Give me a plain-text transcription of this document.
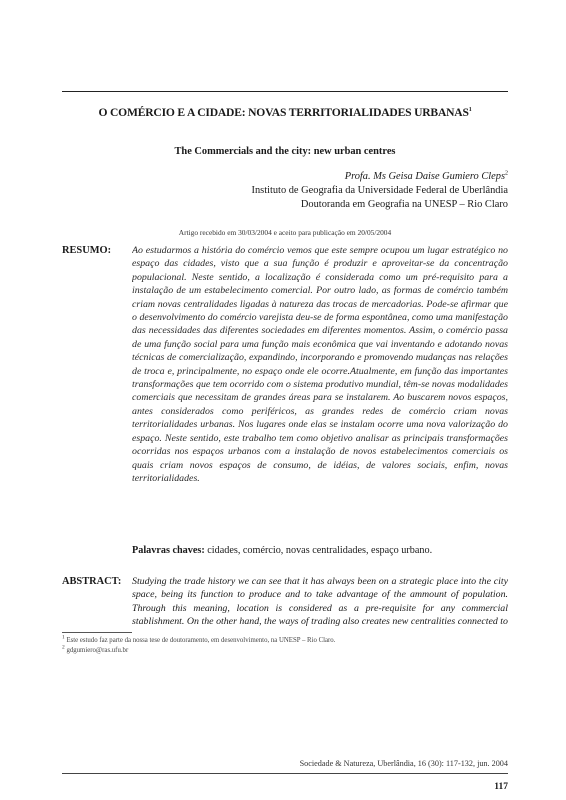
O COMÉRCIO E A CIDADE: NOVAS TERRITORIALIDADES URBANAS$^1$
The Commercials and the city: new urban centres
Profa. Ms Geisa Daise Gumiero Cleps$^2$
Instituto de Geografia da Universidade Federal de Uberlândia
Doutoranda em Geografia na UNESP – Rio Claro
Artigo recebido em 30/03/2004 e aceito para publicação em 20/05/2004
RESUMO: Ao estudarmos a história do comércio vemos que este sempre ocupou um lugar estratégico no espaço das cidades, visto que a sua função é produzir e aproveitar-se da concentração populacional. Neste sentido, a localização é considerada como um pré-requisito para a instalação de um estabelecimento comercial. Por outro lado, as formas de comércio também criam novas centralidades ligadas à natureza das trocas de mercadorias. Pode-se afirmar que o desenvolvimento do comércio varejista deu-se de forma espontânea, como uma manifestação das necessidades das diferentes sociedades em diferentes momentos. Assim, o comércio passa de uma função social para uma função mais econômica que vai inventando e adotando novas técnicas de comercialização, expandindo, incorporando e promovendo mudanças nas relações de troca e, principalmente, no espaço onde ele ocorre.Atualmente, em função das importantes transformações que tem ocorrido com o sistema produtivo mundial, têm-se novas modalidades comerciais que necessitam de grandes áreas para se instalarem. Ao buscarem novos espaços, antes considerados como periféricos, as grandes redes de comércio criam novas territorialidades urbanas. Nos lugares onde elas se instalam ocorre uma nova valorização do espaço. Neste sentido, este trabalho tem como objetivo analisar as principais transformações ocorridas nos espaços urbanos com a instalação de novos estabelecimentos comerciais os quais criam novos espaços de consumo, de idéias, de valores sociais, enfim, novas territorialidades.
Palavras chaves: cidades, comércio, novas centralidades, espaço urbano.
ABSTRACT: Studying the trade history we can see that it has always been on a strategic place into the city space, being its function to produce and to take advantage of the ammount of population. Through this meaning, location is considered as a pre-requisite for any commercial stablishment. On the other hand, the ways of trading also creates new centralities connected to
$^1$ Este estudo faz parte da nossa tese de doutoramento, em desenvolvimento, na UNESP – Rio Claro.
$^2$ gdgumiero@ras.ufu.br
Sociedade & Natureza, Uberlândia, 16 (30): 117-132, jun. 2004
117
